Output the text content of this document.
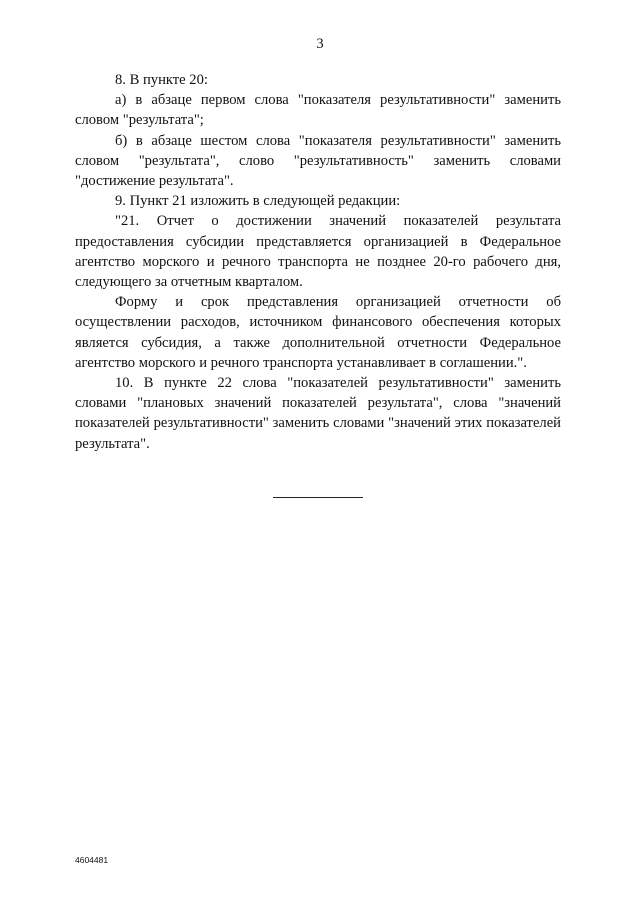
3

8. В пункте 20:

а) в абзаце первом слова "показателя результативности" заменить словом "результата";

б) в абзаце шестом слова "показателя результативности" заменить словом "результата", слово "результативность" заменить словами "достижение результата".

9. Пункт 21 изложить в следующей редакции:

"21. Отчет о достижении значений показателей результата предоставления субсидии представляется организацией в Федеральное агентство морского и речного транспорта не позднее 20-го рабочего дня, следующего за отчетным кварталом.

Форму и срок представления организацией отчетности об осуществлении расходов, источником финансового обеспечения которых является субсидия, а также дополнительной отчетности Федеральное агентство морского и речного транспорта устанавливает в соглашении.".

10. В пункте 22 слова "показателей результативности" заменить словами "плановых значений показателей результата", слова "значений показателей результативности" заменить словами "значений этих показателей результата".

4604481
